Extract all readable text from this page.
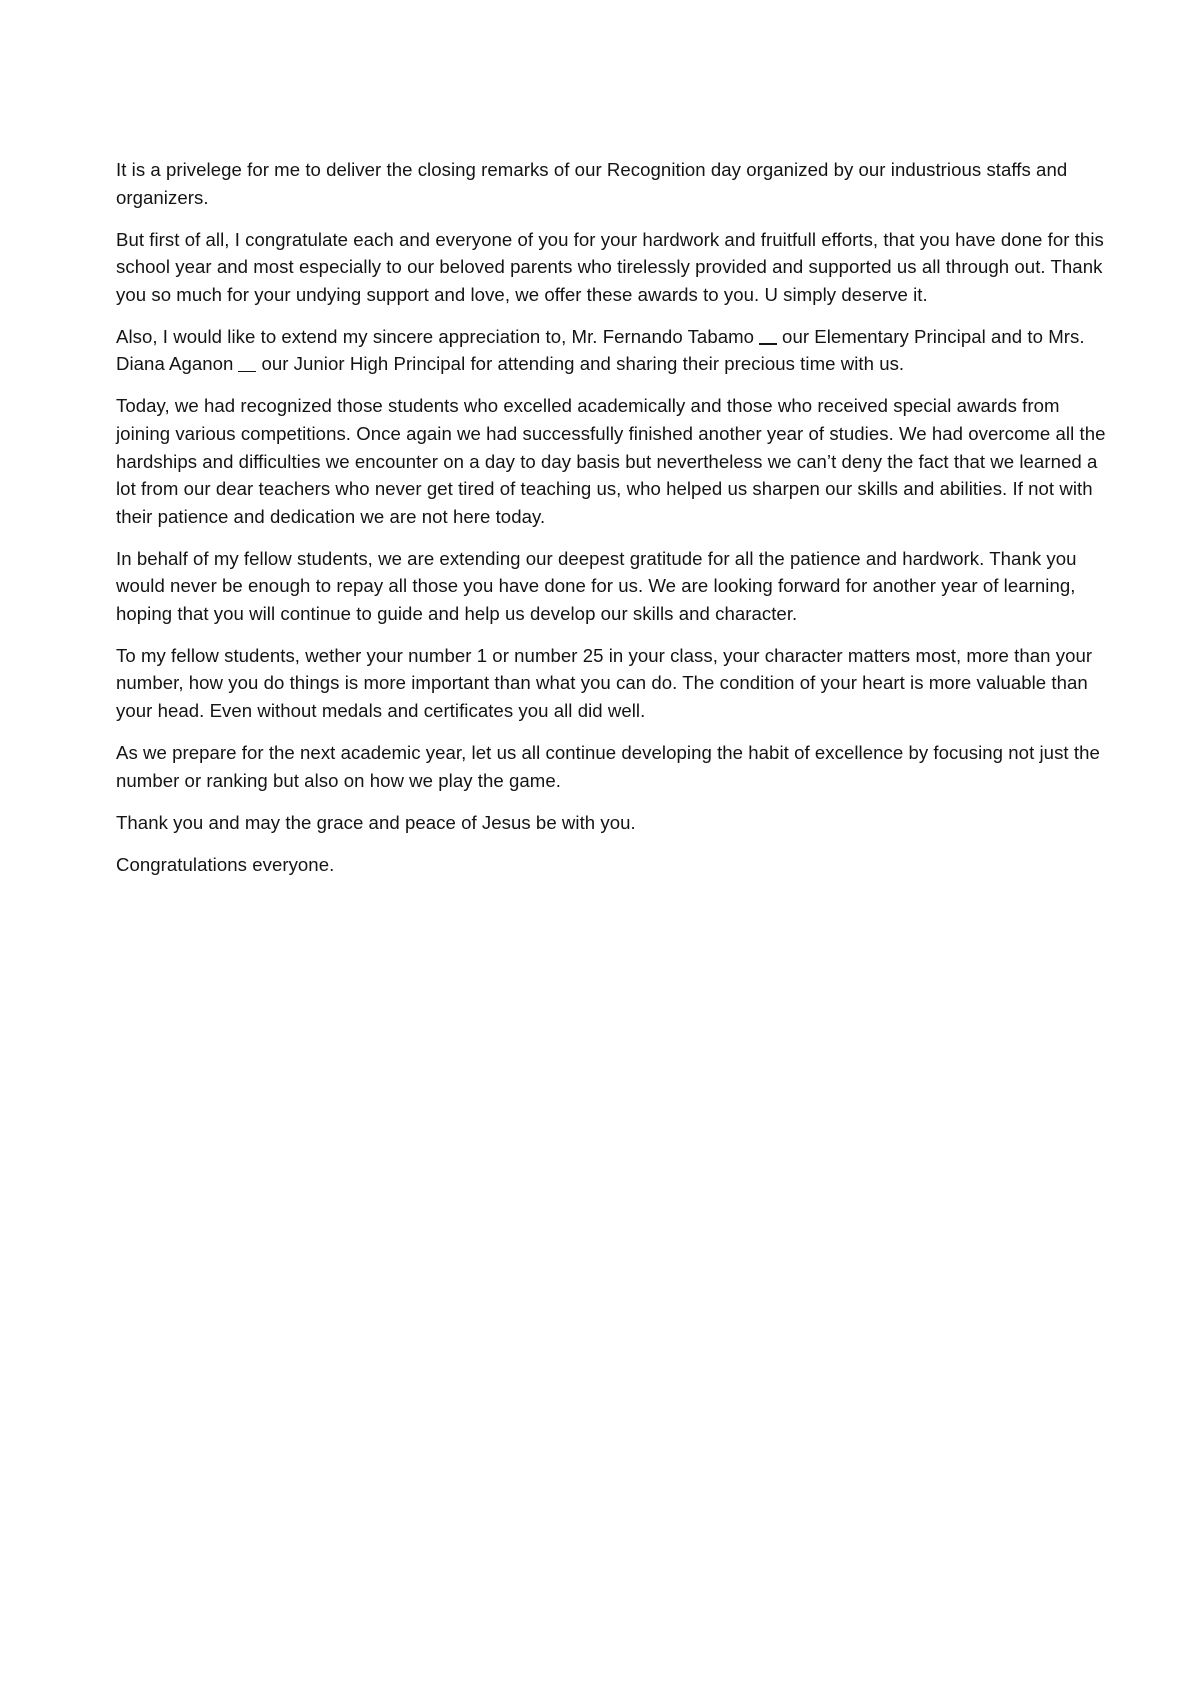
It is a privelege for me to deliver the closing remarks of our Recognition day organized by our industrious staffs and organizers.

But first of all, I congratulate each and everyone of you for your hardwork and fruitfull efforts, that you have done for this school year and most especially to our beloved parents who tirelessly provided and supported us all through out. Thank you so much for your undying support and love, we offer these awards to you. U simply deserve it.

Also, I would like to extend my sincere appreciation to, Mr. Fernando Tabamo our Elementary Principal and to Mrs. Diana Aganon our Junior High Principal for attending and sharing their precious time with us.

Today, we had recognized those students who excelled academically and those who received special awards from joining various competitions. Once again we had successfully finished another year of studies. We had overcome all the hardships and difficulties we encounter on a day to day basis but nevertheless we can’t deny the fact that we learned a lot from our dear teachers who never get tired of teaching us, who helped us sharpen our skills and abilities. If not with their patience and dedication we are not here today.

In behalf of my fellow students, we are extending our deepest gratitude for all the patience and hardwork. Thank you would never be enough to repay all those you have done for us. We are looking forward for another year of learning, hoping that you will continue to guide and help us develop our skills and character.

To my fellow students, wether your number 1 or number 25 in your class, your character matters most, more than your number, how you do things is more important than what you can do. The condition of your heart is more valuable than your head. Even without medals and certificates you all did well.

As we prepare for the next academic year, let us all continue developing the habit of excellence by focusing not just the number or ranking but also on how we play the game.

Thank you and may the grace and peace of Jesus be with you.

Congratulations everyone.
